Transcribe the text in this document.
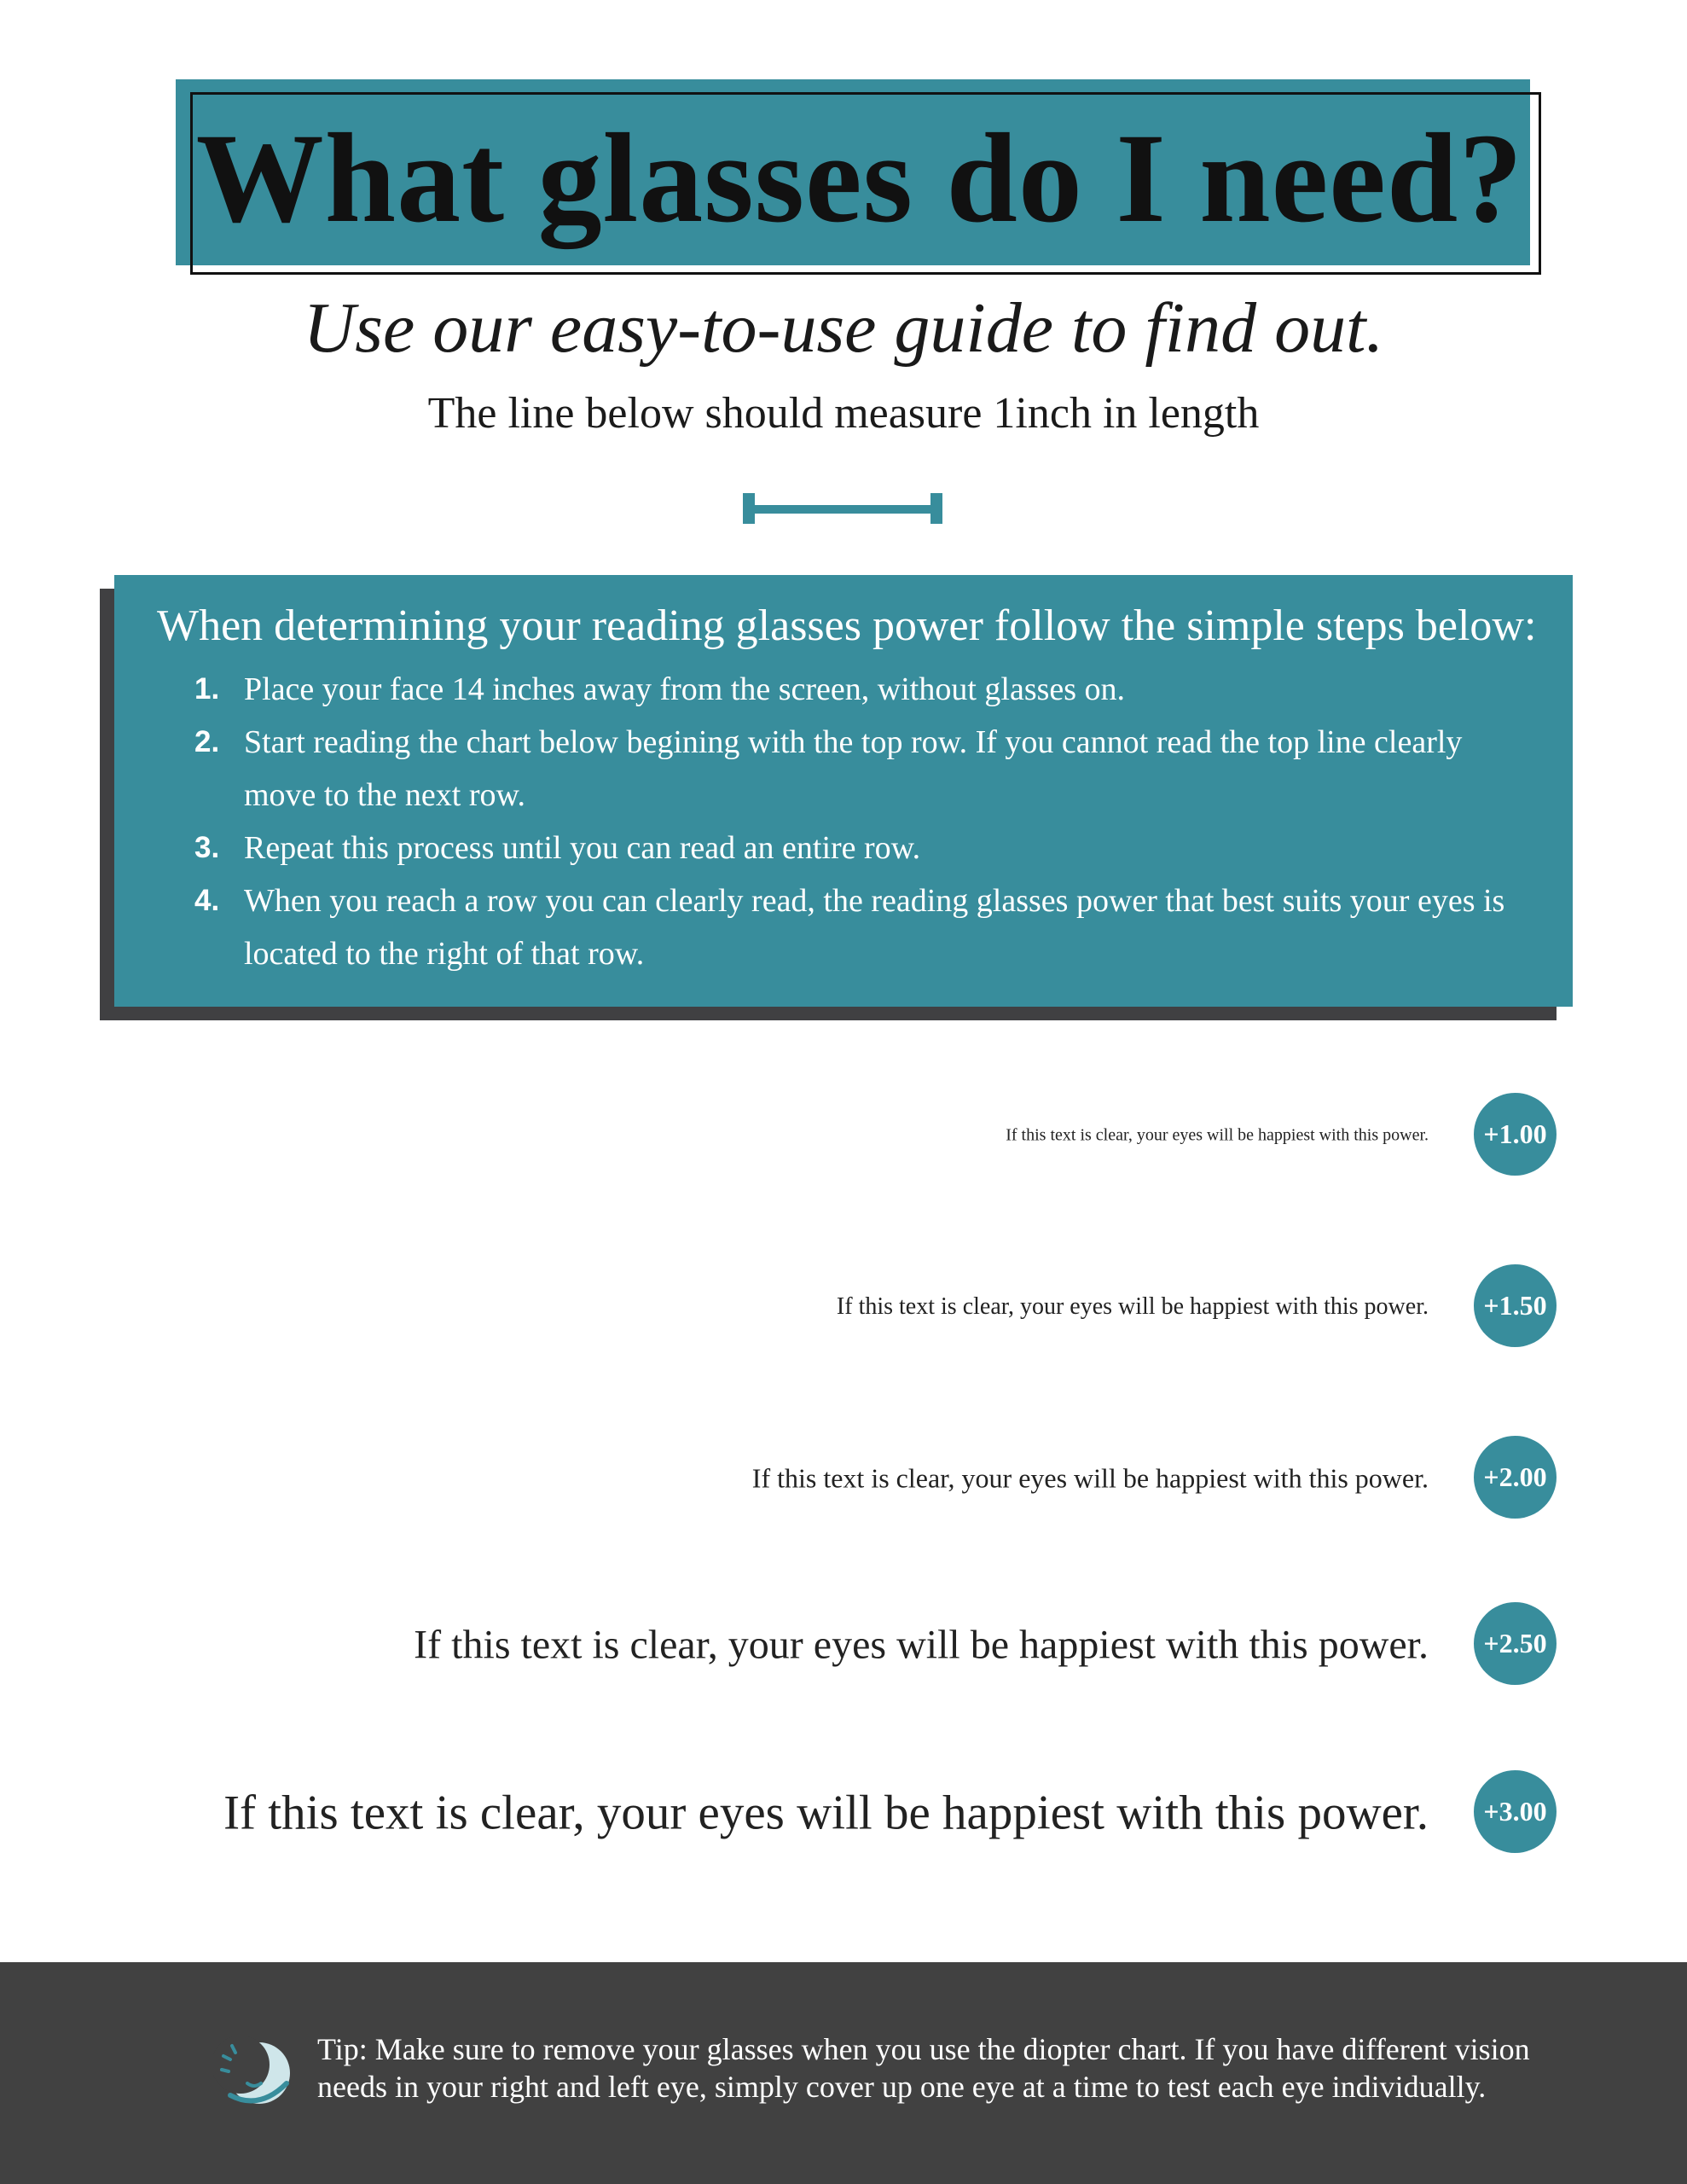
What glasses do I need?
Use our easy-to-use guide to find out.
The line below should measure 1inch in length
When determining your reading glasses power follow the simple steps below:
1. Place your face 14 inches away from the screen, without glasses on.
2. Start reading the chart below begining with the top row. If you cannot read the top line clearly move to the next row.
3. Repeat this process until you can read an entire row.
4. When you reach a row you can clearly read, the reading glasses power that best suits your eyes is located to the right of that row.
If this text is clear, your eyes will be happiest with this power.	+1.00
If this text is clear, your eyes will be happiest with this power.	+1.50
If this text is clear, your eyes will be happiest with this power.	+2.00
If this text is clear, your eyes will be happiest with this power.	+2.50
If this text is clear, your eyes will be happiest with this power.	+3.00
Tip: Make sure to remove your glasses when you use the diopter chart. If you have different vision needs in your right and left eye, simply cover up one eye at a time to test each eye individually.
